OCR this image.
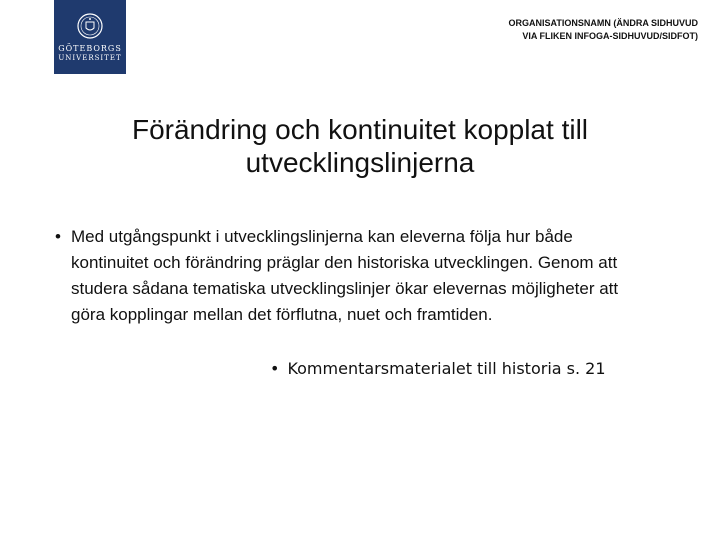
GÖTEBORGS
UNIVERSITET
ORGANISATIONSNAMN (ÄNDRA SIDHUVUD VIA FLIKEN INFOGA-SIDHUVUD/SIDFOT)
Förändring och kontinuitet kopplat till utvecklingslinjerna
• Med utgångspunkt i utvecklingslinjerna kan eleverna följa hur både kontinuitet och förändring präglar den historiska utvecklingen. Genom att studera sådana tematiska utvecklingslinjer ökar elevernas möjligheter att göra kopplingar mellan det förflutna, nuet och framtiden.
• Kommentarsmaterialet till historia s. 21
